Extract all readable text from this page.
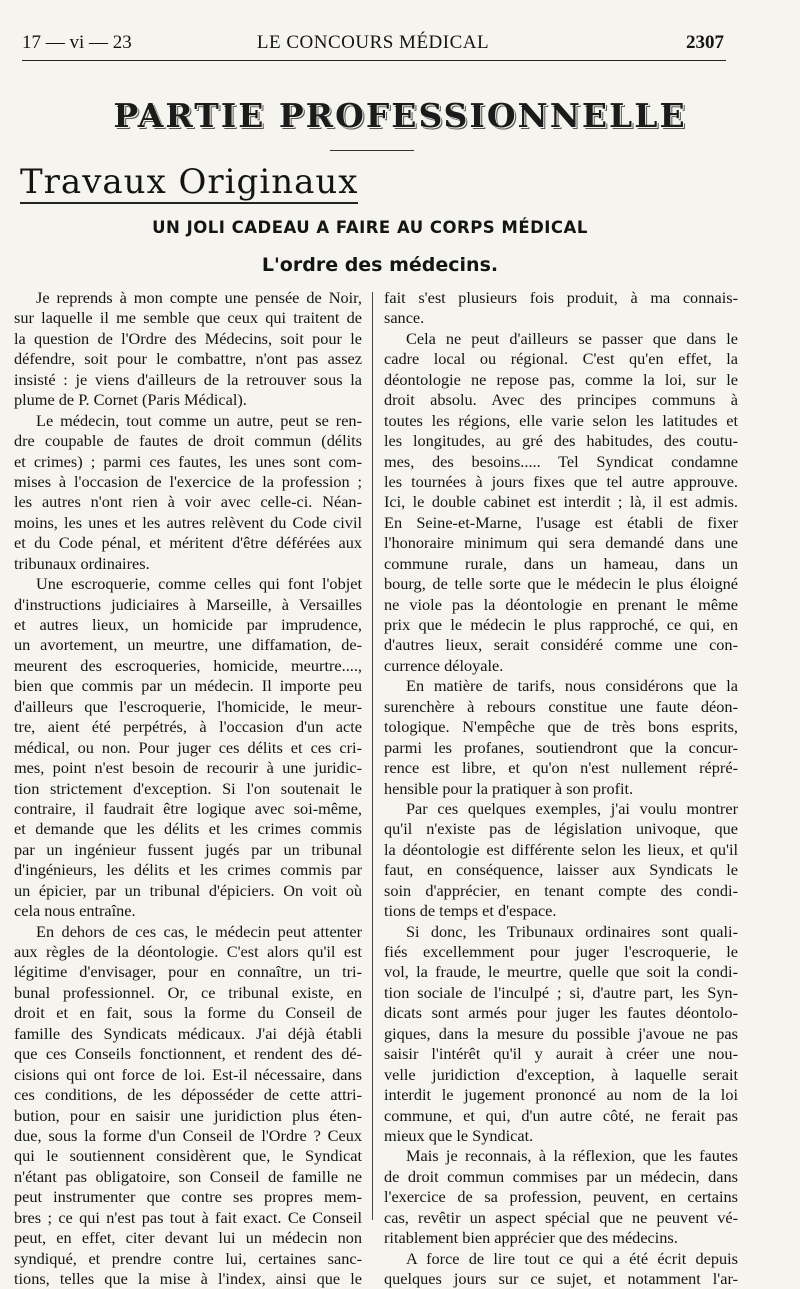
17 — vi — 23	LE CONCOURS MÉDICAL	2307
PARTIE PROFESSIONNELLE
Travaux Originaux
UN JOLI CADEAU A FAIRE AU CORPS MÉDICAL
L'ordre des médecins.
Je reprends à mon compte une pensée de Noir,
sur laquelle il me semble que ceux qui traitent de
la question de l'Ordre des Médecins, soit pour le
défendre, soit pour le combattre, n'ont pas assez
insisté : je viens d'ailleurs de la retrouver sous la
plume de P. Cornet (Paris Médical).
Le médecin, tout comme un autre, peut se ren-
dre coupable de fautes de droit commun (délits
et crimes) ; parmi ces fautes, les unes sont com-
mises à l'occasion de l'exercice de la profession ;
les autres n'ont rien à voir avec celle-ci. Néan-
moins, les unes et les autres relèvent du Code civil
et du Code pénal, et méritent d'être déférées aux
tribunaux ordinaires.
Une escroquerie, comme celles qui font l'objet
d'instructions judiciaires à Marseille, à Versailles
et autres lieux, un homicide par imprudence,
un avortement, un meurtre, une diffamation, de-
meurent des escroqueries, homicide, meurtre....,
bien que commis par un médecin. Il importe peu
d'ailleurs que l'escroquerie, l'homicide, le meur-
tre, aient été perpétrés, à l'occasion d'un acte
médical, ou non. Pour juger ces délits et ces cri-
mes, point n'est besoin de recourir à une juridic-
tion strictement d'exception. Si l'on soutenait le
contraire, il faudrait être logique avec soi-même,
et demande que les délits et les crimes commis
par un ingénieur fussent jugés par un tribunal
d'ingénieurs, les délits et les crimes commis par
un épicier, par un tribunal d'épiciers. On voit où
cela nous entraîne.
En dehors de ces cas, le médecin peut attenter
aux règles de la déontologie. C'est alors qu'il est
légitime d'envisager, pour en connaître, un tri-
bunal professionnel. Or, ce tribunal existe, en
droit et en fait, sous la forme du Conseil de
famille des Syndicats médicaux. J'ai déjà établi
que ces Conseils fonctionnent, et rendent des dé-
cisions qui ont force de loi. Est-il nécessaire, dans
ces conditions, de les déposséder de cette attri-
bution, pour en saisir une juridiction plus éten-
due, sous la forme d'un Conseil de l'Ordre ? Ceux
qui le soutiennent considèrent que, le Syndicat
n'étant pas obligatoire, son Conseil de famille ne
peut instrumenter que contre ses propres mem-
bres ; ce qui n'est pas tout à fait exact. Ce Conseil
peut, en effet, citer devant lui un médecin non
syndiqué, et prendre contre lui, certaines sanc-
tions, telles que la mise à l'index, ainsi que le
fait s'est plusieurs fois produit, à ma connais-
sance.
Cela ne peut d'ailleurs se passer que dans le
cadre local ou régional. C'est qu'en effet, la
déontologie ne repose pas, comme la loi, sur le
droit absolu. Avec des principes communs à
toutes les régions, elle varie selon les latitudes et
les longitudes, au gré des habitudes, des coutu-
mes, des besoins..... Tel Syndicat condamne
les tournées à jours fixes que tel autre approuve.
Ici, le double cabinet est interdit ; là, il est admis.
En Seine-et-Marne, l'usage est établi de fixer
l'honoraire minimum qui sera demandé dans une
commune rurale, dans un hameau, dans un
bourg, de telle sorte que le médecin le plus éloigné
ne viole pas la déontologie en prenant le même
prix que le médecin le plus rapproché, ce qui, en
d'autres lieux, serait considéré comme une con-
currence déloyale.
En matière de tarifs, nous considérons que la
surenchère à rebours constitue une faute déon-
tologique. N'empêche que de très bons esprits,
parmi les profanes, soutiendront que la concur-
rence est libre, et qu'on n'est nullement répré-
hensible pour la pratiquer à son profit.
Par ces quelques exemples, j'ai voulu montrer
qu'il n'existe pas de législation univoque, que
la déontologie est différente selon les lieux, et qu'il
faut, en conséquence, laisser aux Syndicats le
soin d'apprécier, en tenant compte des condi-
tions de temps et d'espace.
Si donc, les Tribunaux ordinaires sont quali-
fiés excellemment pour juger l'escroquerie, le
vol, la fraude, le meurtre, quelle que soit la condi-
tion sociale de l'inculpé ; si, d'autre part, les Syn-
dicats sont armés pour juger les fautes déontolo-
giques, dans la mesure du possible j'avoue ne pas
saisir l'intérêt qu'il y aurait à créer une nou-
velle juridiction d'exception, à laquelle serait
interdit le jugement prononcé au nom de la loi
commune, et qui, d'un autre côté, ne ferait pas
mieux que le Syndicat.
Mais je reconnais, à la réflexion, que les fautes
de droit commun commises par un médecin, dans
l'exercice de sa profession, peuvent, en certains
cas, revêtir un aspect spécial que ne peuvent vé-
ritablement bien apprécier que des médecins.
A force de lire tout ce qui a été écrit depuis
quelques jours sur ce sujet, et notamment l'ar-
